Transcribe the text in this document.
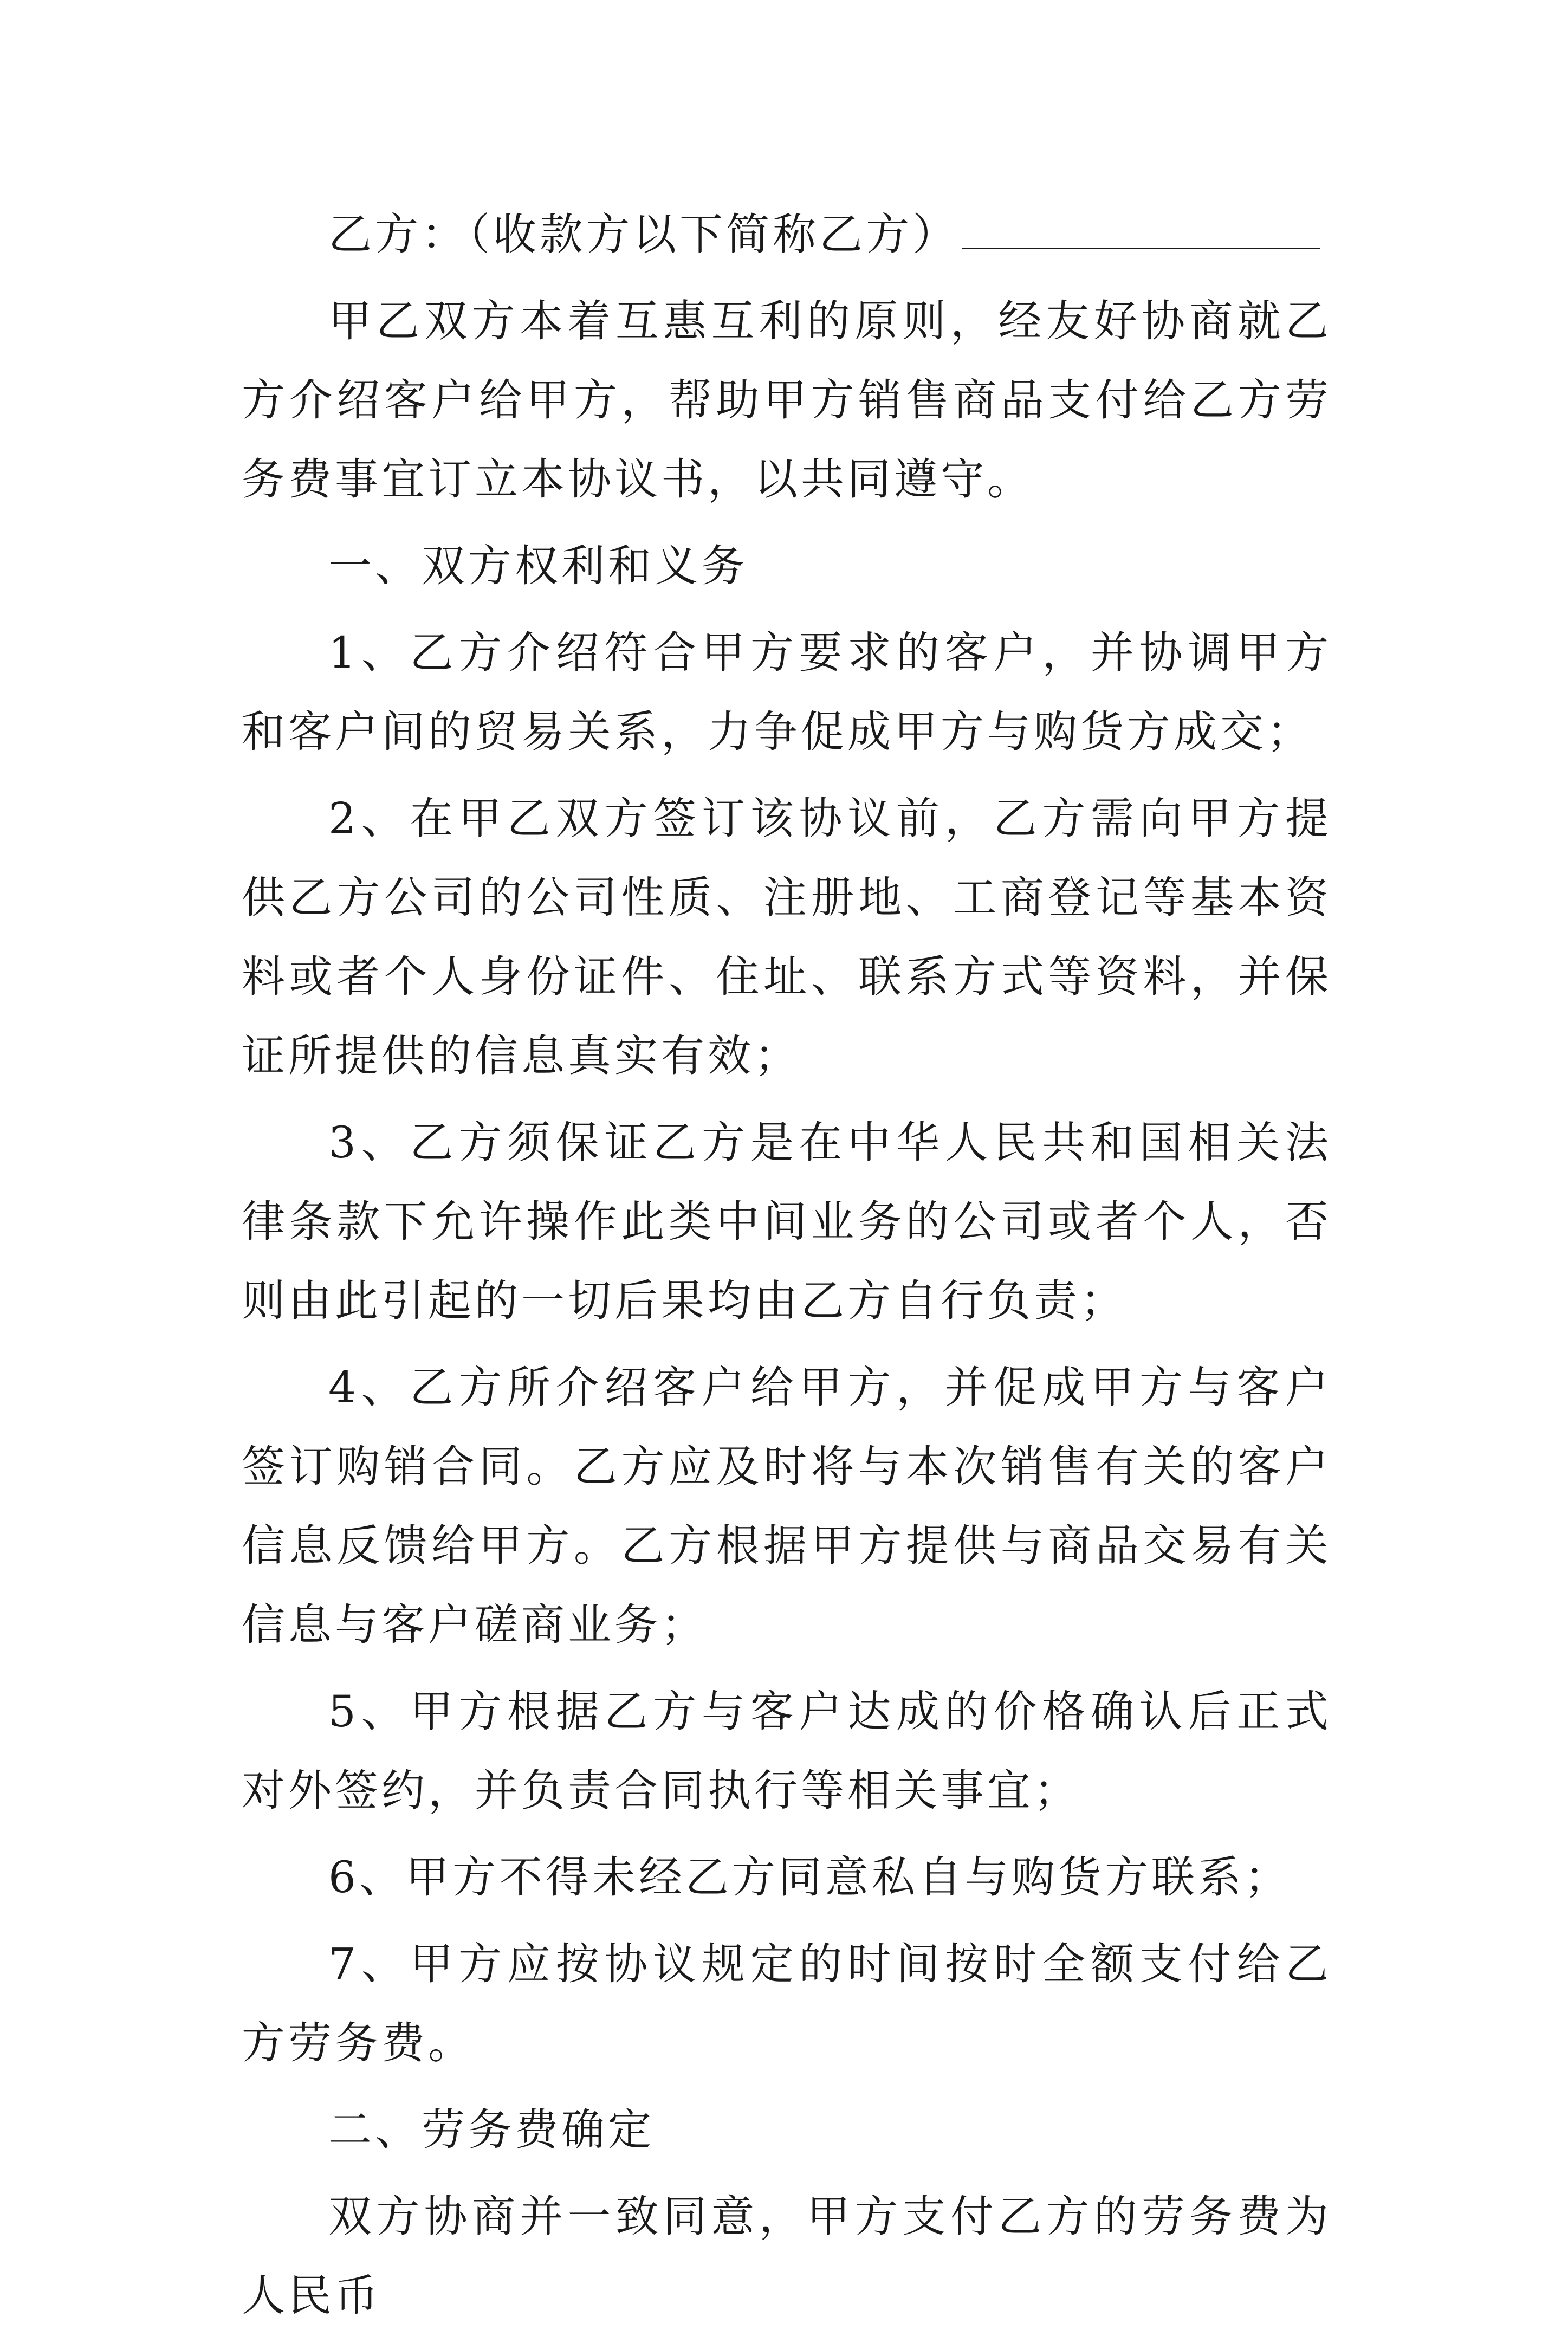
乙方：（收款方以下简称乙方）

甲乙双方本着互惠互利的原则，经友好协商就乙方介绍客户给甲方，帮助甲方销售商品支付给乙方劳务费事宜订立本协议书，以共同遵守。

一、双方权利和义务

1、乙方介绍符合甲方要求的客户，并协调甲方和客户间的贸易关系，力争促成甲方与购货方成交；

2、在甲乙双方签订该协议前，乙方需向甲方提供乙方公司的公司性质、注册地、工商登记等基本资料或者个人身份证件、住址、联系方式等资料，并保证所提供的信息真实有效；

3、乙方须保证乙方是在中华人民共和国相关法律条款下允许操作此类中间业务的公司或者个人，否则由此引起的一切后果均由乙方自行负责；

4、乙方所介绍客户给甲方，并促成甲方与客户签订购销合同。乙方应及时将与本次销售有关的客户信息反馈给甲方。乙方根据甲方提供与商品交易有关信息与客户磋商业务；

5、甲方根据乙方与客户达成的价格确认后正式对外签约，并负责合同执行等相关事宜；

6、甲方不得未经乙方同意私自与购货方联系；

7、甲方应按协议规定的时间按时全额支付给乙方劳务费。

二、劳务费确定

双方协商并一致同意，甲方支付乙方的劳务费为人民币
